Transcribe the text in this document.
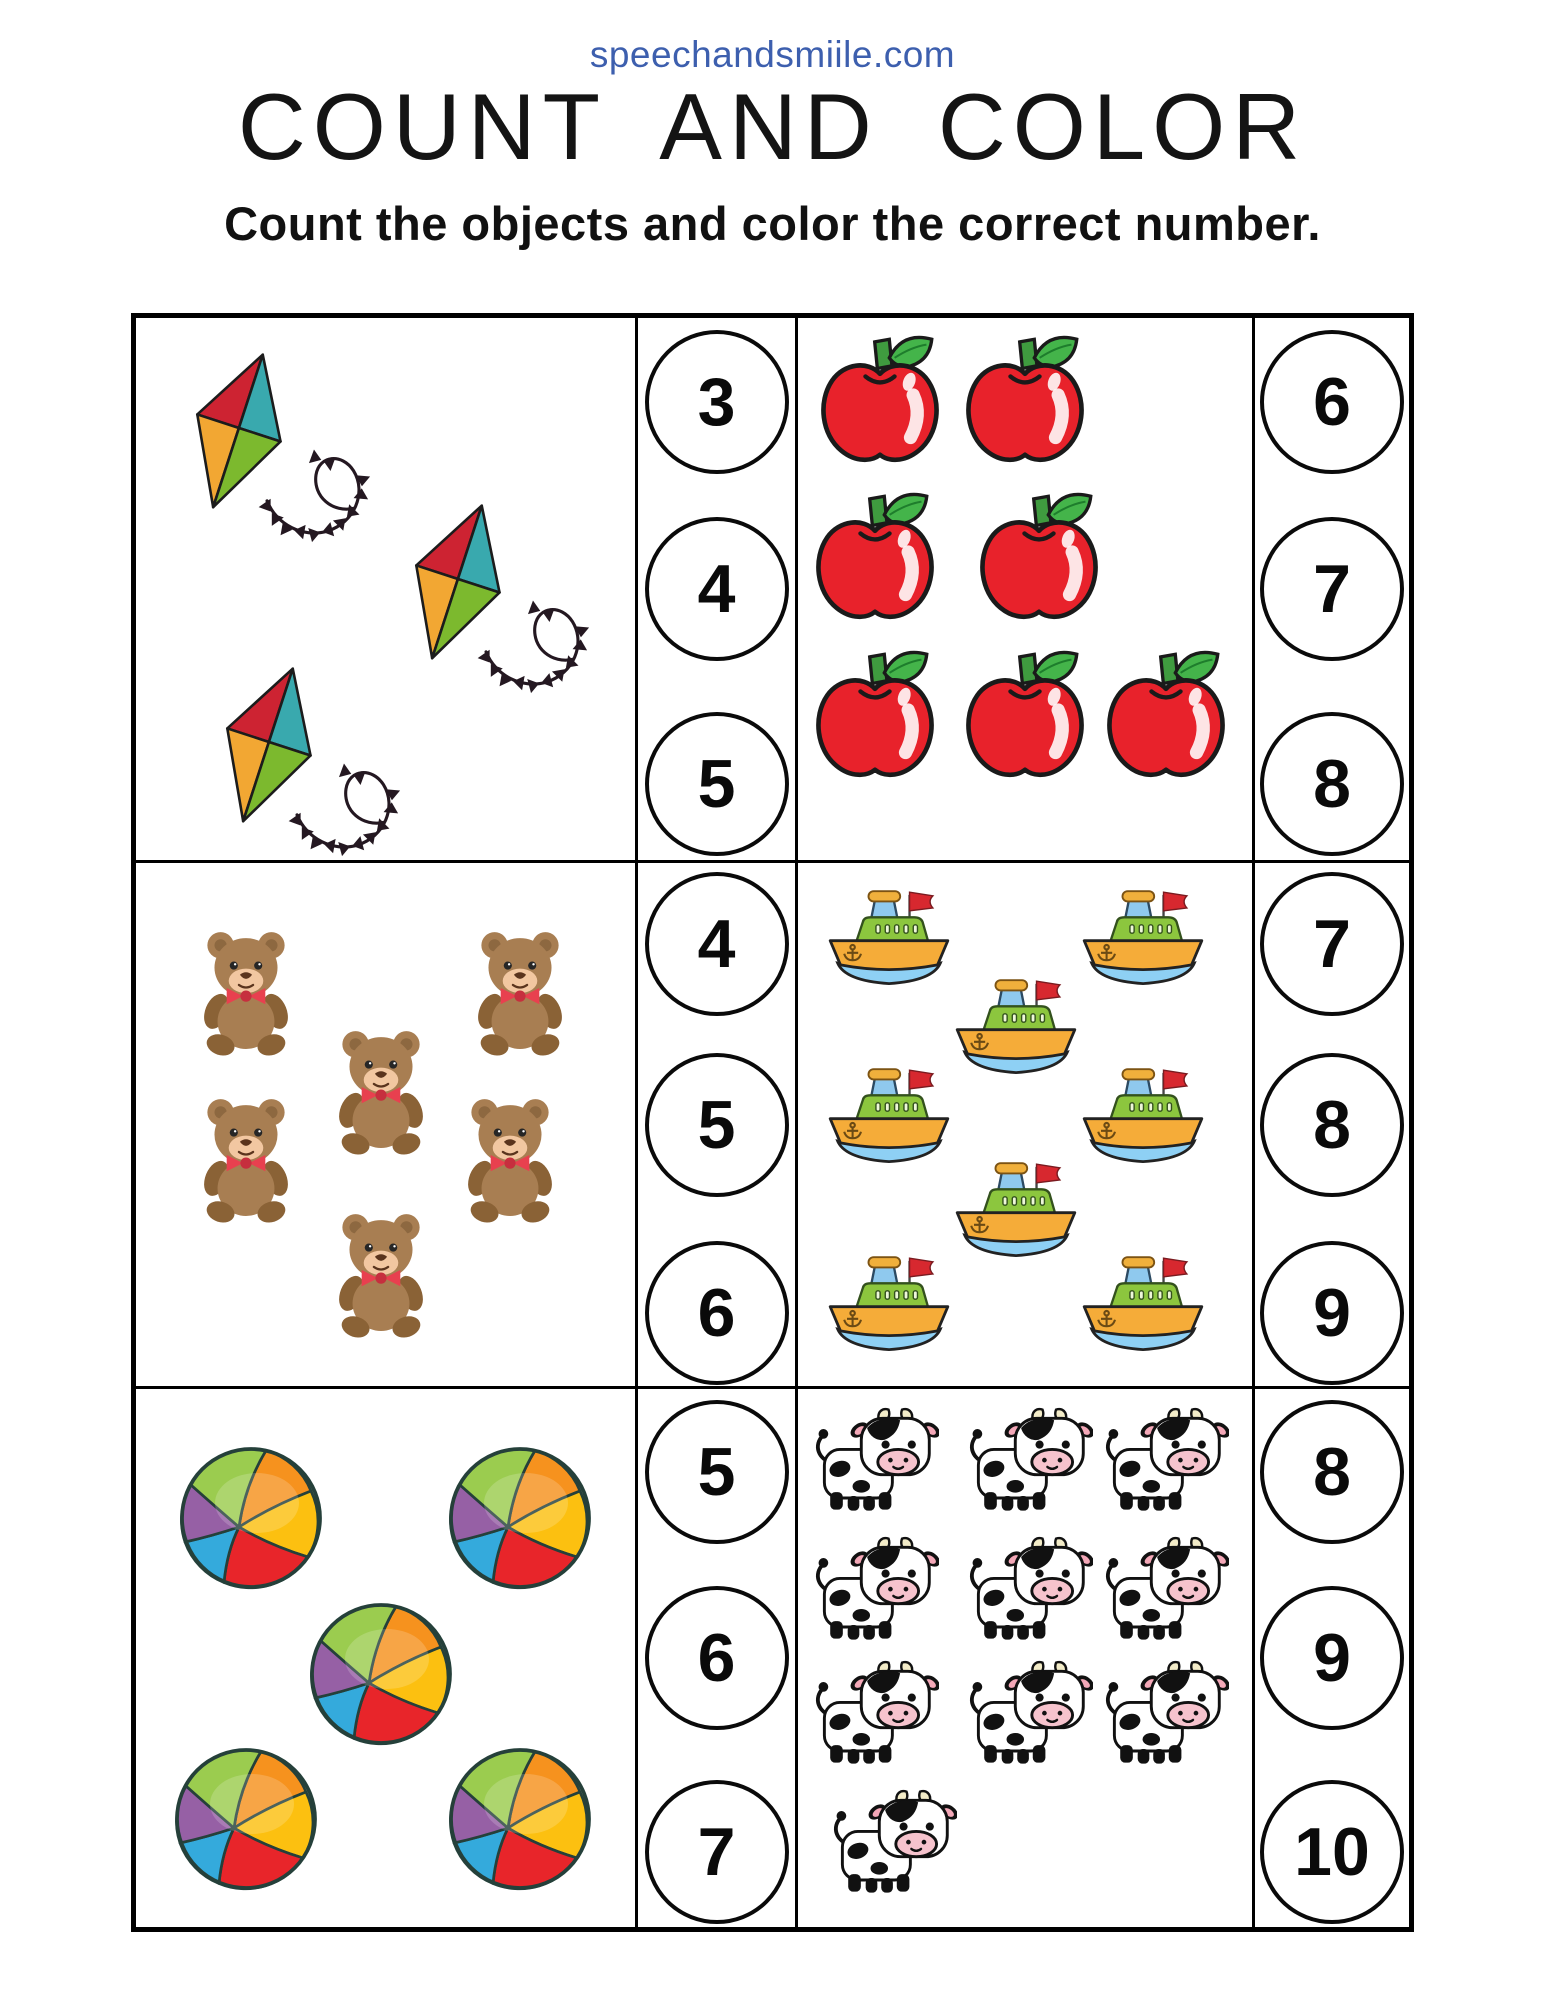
speechandsmiile.com
COUNT AND COLOR
Count the objects and color the correct number.
3
4
5
6
7
8
4
5
6
7
8
9
5
6
7
8
9
10
